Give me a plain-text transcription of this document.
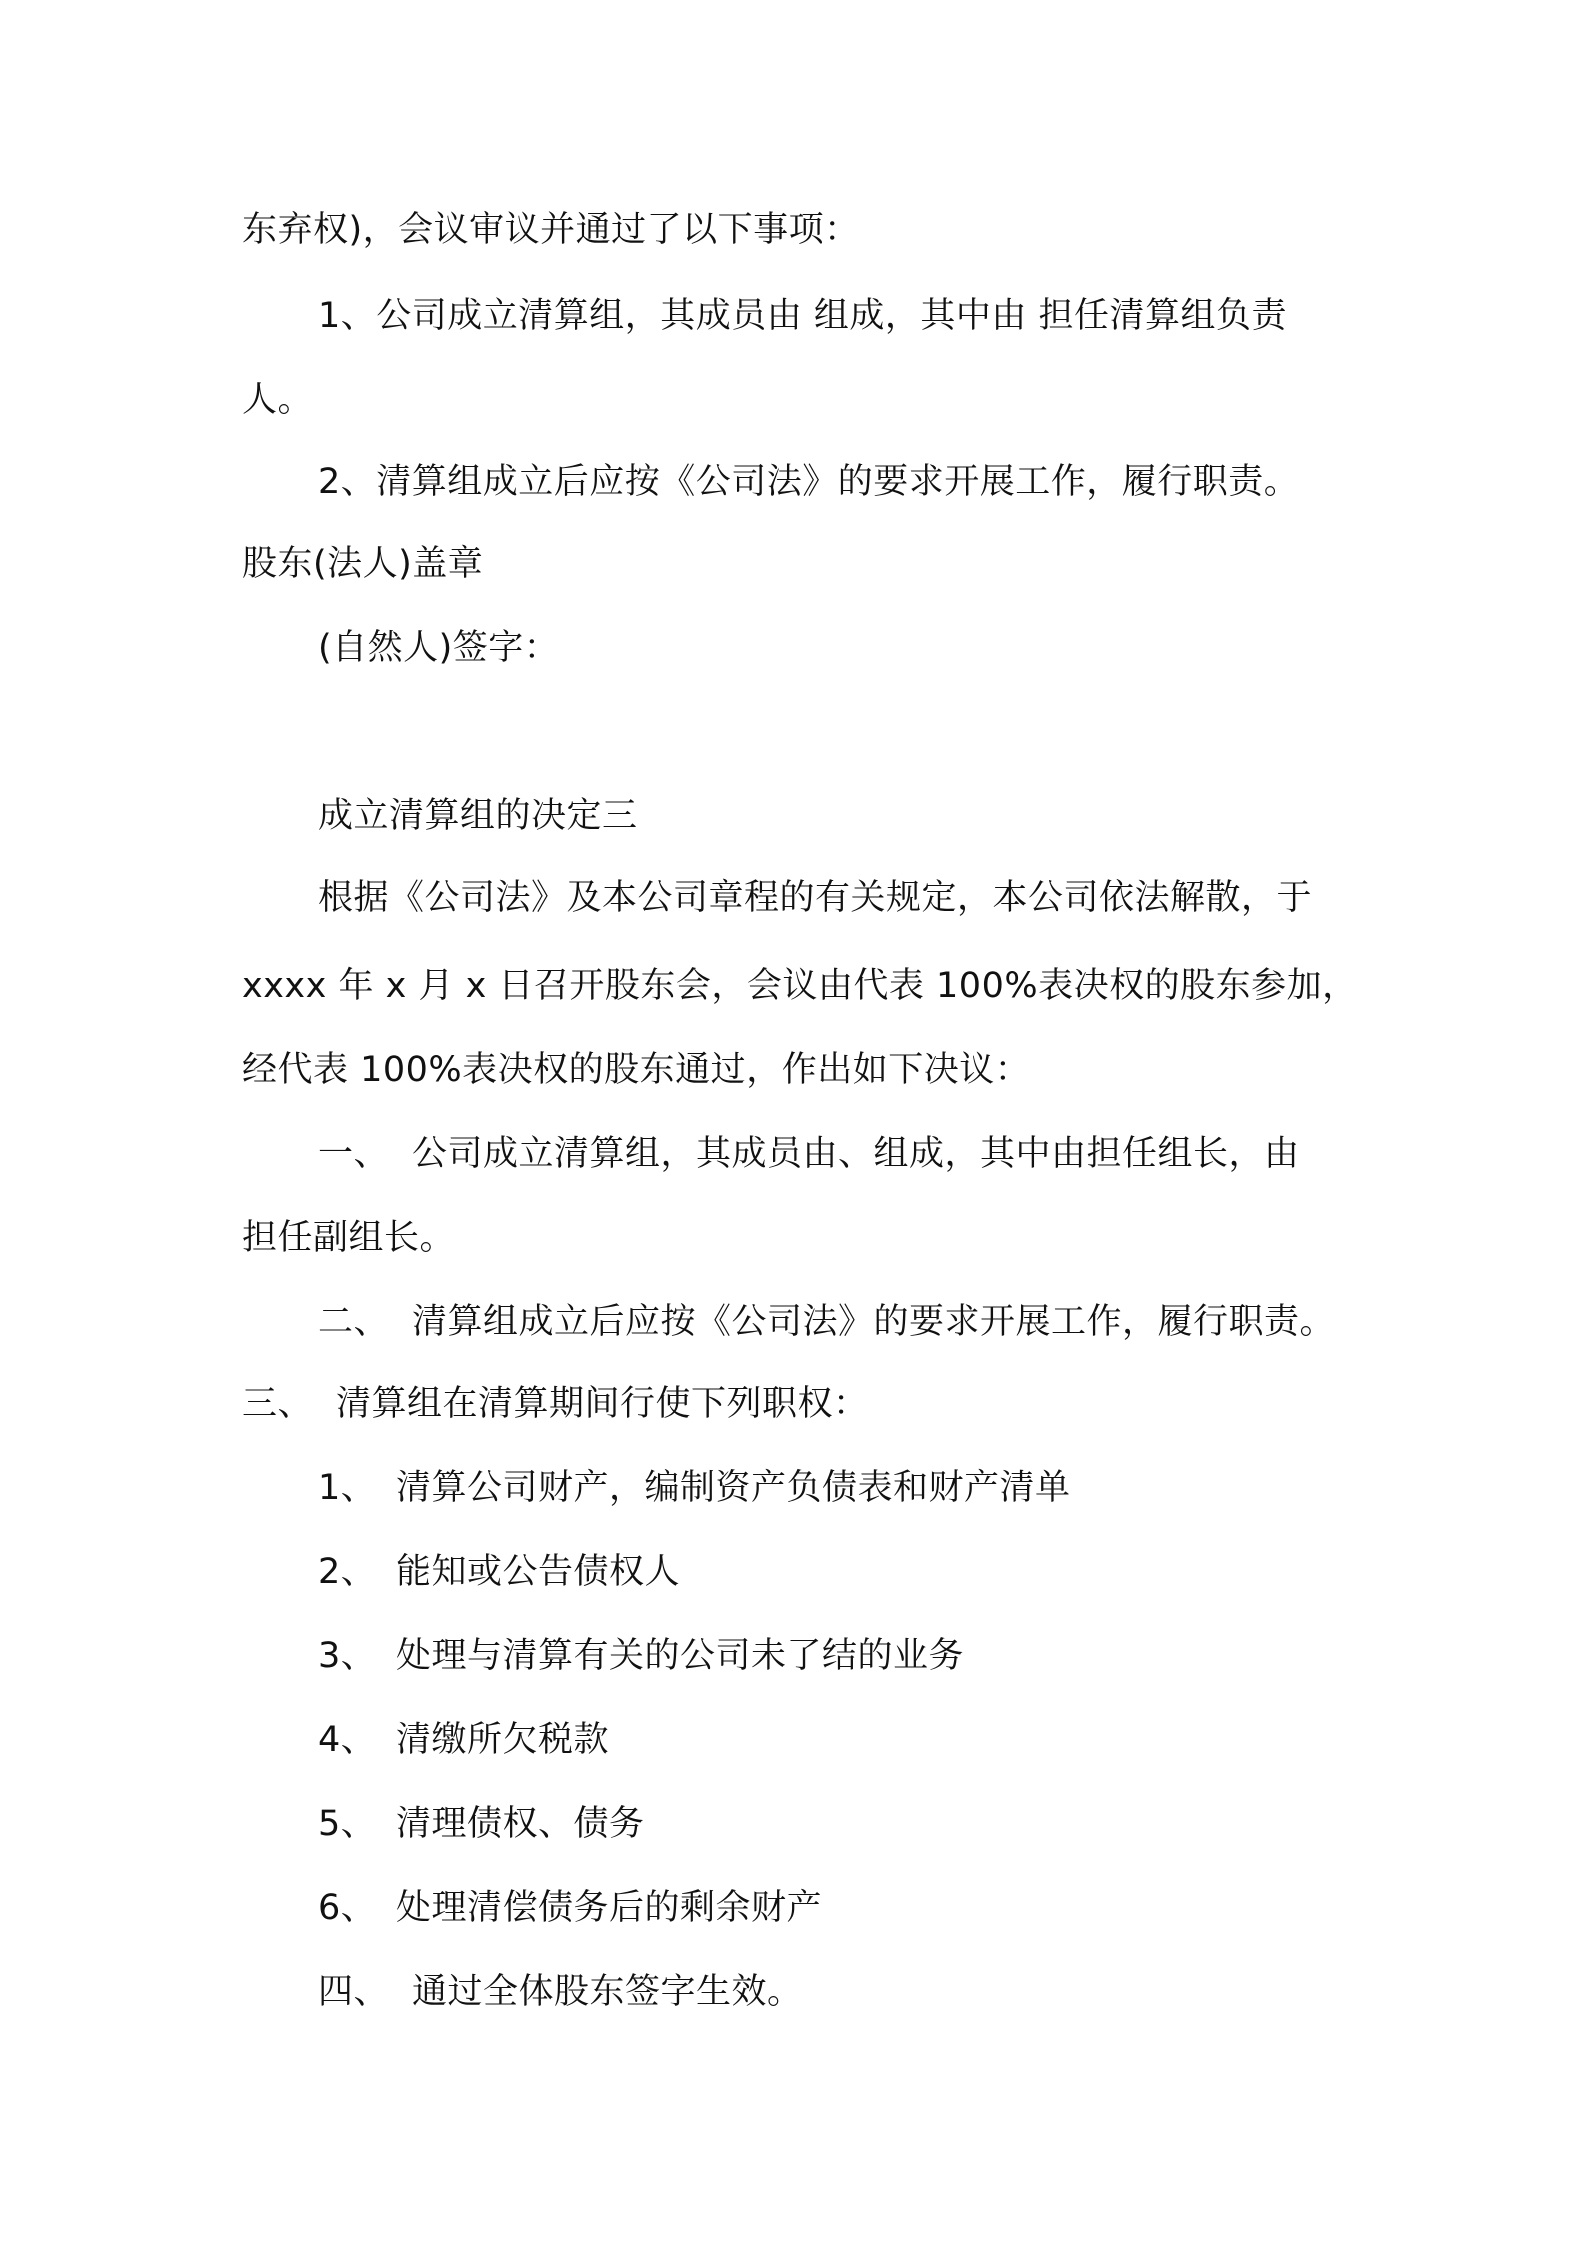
东弃权)，会议审议并通过了以下事项：
1、公司成立清算组，其成员由 组成，其中由 担任清算组负责
人。
2、清算组成立后应按《公司法》的要求开展工作，履行职责。
股东(法人)盖章
(自然人)签字：
成立清算组的决定三
根据《公司法》及本公司章程的有关规定，本公司依法解散，于
xxxx 年 x 月 x 日召开股东会，会议由代表 100%表决权的股东参加，
经代表 100%表决权的股东通过，作出如下决议：
一、 公司成立清算组，其成员由、组成，其中由担任组长，由
担任副组长。
二、 清算组成立后应按《公司法》的要求开展工作，履行职责。
三、 清算组在清算期间行使下列职权：
1、 清算公司财产，编制资产负债表和财产清单
2、 能知或公告债权人
3、 处理与清算有关的公司未了结的业务
4、 清缴所欠税款
5、 清理债权、债务
6、 处理清偿债务后的剩余财产
四、 通过全体股东签字生效。
